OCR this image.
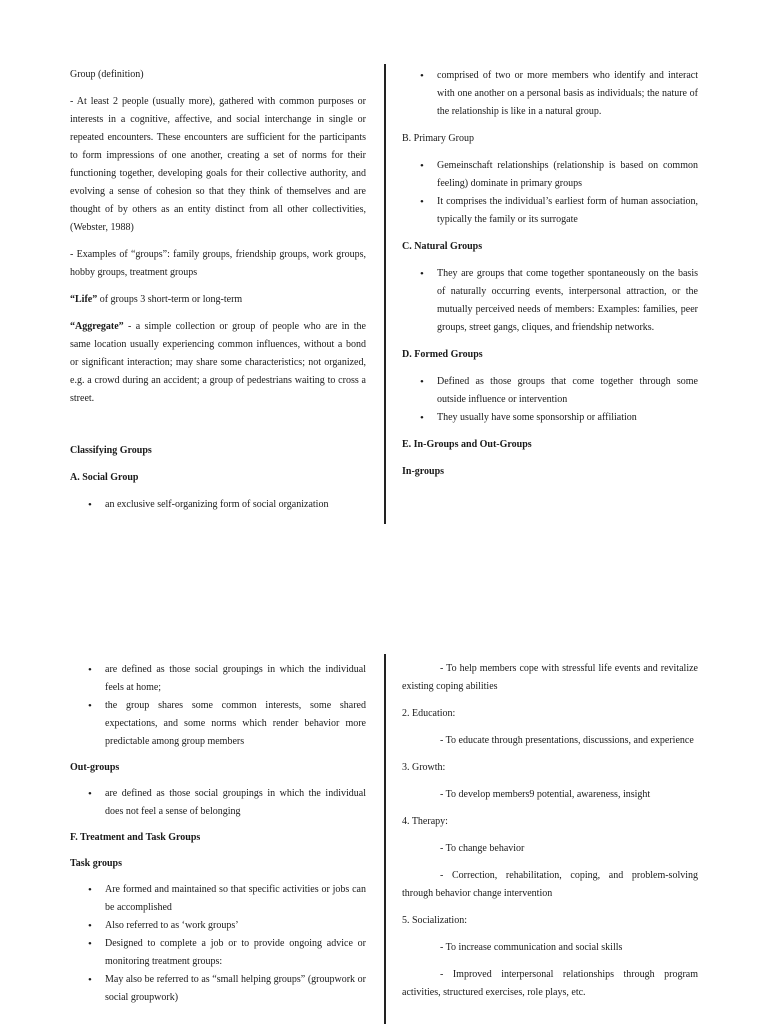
Group (definition)

- At least 2 people (usually more), gathered with common purposes or interests in a cognitive, affective, and social interchange in single or repeated encounters. These encounters are sufficient for the participants to form impressions of one another, creating a set of norms for their functioning together, developing goals for their collective authority, and evolving a sense of cohesion so that they think of themselves and are thought of by others as an entity distinct from all other collectivities, (Webster, 1988)

- Examples of “groups”: family groups, friendship groups, work groups, hobby groups, treatment groups

“Life” of groups 3 short-term or long-term

“Aggregate” - a simple collection or group of people who are in the same location usually experiencing common influences, without a bond or significant interaction; may share some characteristics; not organized, e.g. a crowd during an accident; a group of pedestrians waiting to cross a street.

Classifying Groups

A. Social Group

• an exclusive self-organizing form of social organization
• comprised of two or more members who identify and interact with one another on a personal basis as individuals; the nature of the relationship is like in a natural group.

B. Primary Group

• Gemeinschaft relationships (relationship is based on common feeling) dominate in primary groups
• It comprises the individual’s earliest form of human association, typically the family or its surrogate

C. Natural Groups

• They are groups that come together spontaneously on the basis of naturally occurring events, interpersonal attraction, or the mutually perceived needs of members: Examples: families, peer groups, street gangs, cliques, and friendship networks.

D. Formed Groups

• Defined as those groups that come together through some outside influence or intervention
• They usually have some sponsorship or affiliation

E. In-Groups and Out-Groups

In-groups

• are defined as those social groupings in which the individual feels at home;
• the group shares some common interests, some shared expectations, and some norms which render behavior more predictable among group members

Out-groups

• are defined as those social groupings in which the individual does not feel a sense of belonging

F. Treatment and Task Groups

Task groups

• Are formed and maintained so that specific activities or jobs can be accomplished
• Also referred to as ‘work groups’
• Designed to complete a job or to provide ongoing advice or monitoring treatment groups:
• May also be referred to as “small helping groups” (groupwork or social groupwork)

- To help members cope with stressful life events and revitalize existing coping abilities

2. Education:

- To educate through presentations, discussions, and experience

3. Growth:

- To develop members9 potential, awareness, insight

4. Therapy:

- To change behavior

- Correction, rehabilitation, coping, and problem-solving through behavior change intervention

5. Socialization:

- To increase communication and social skills

- Improved interpersonal relationships through program activities, structured exercises, role plays, etc.
